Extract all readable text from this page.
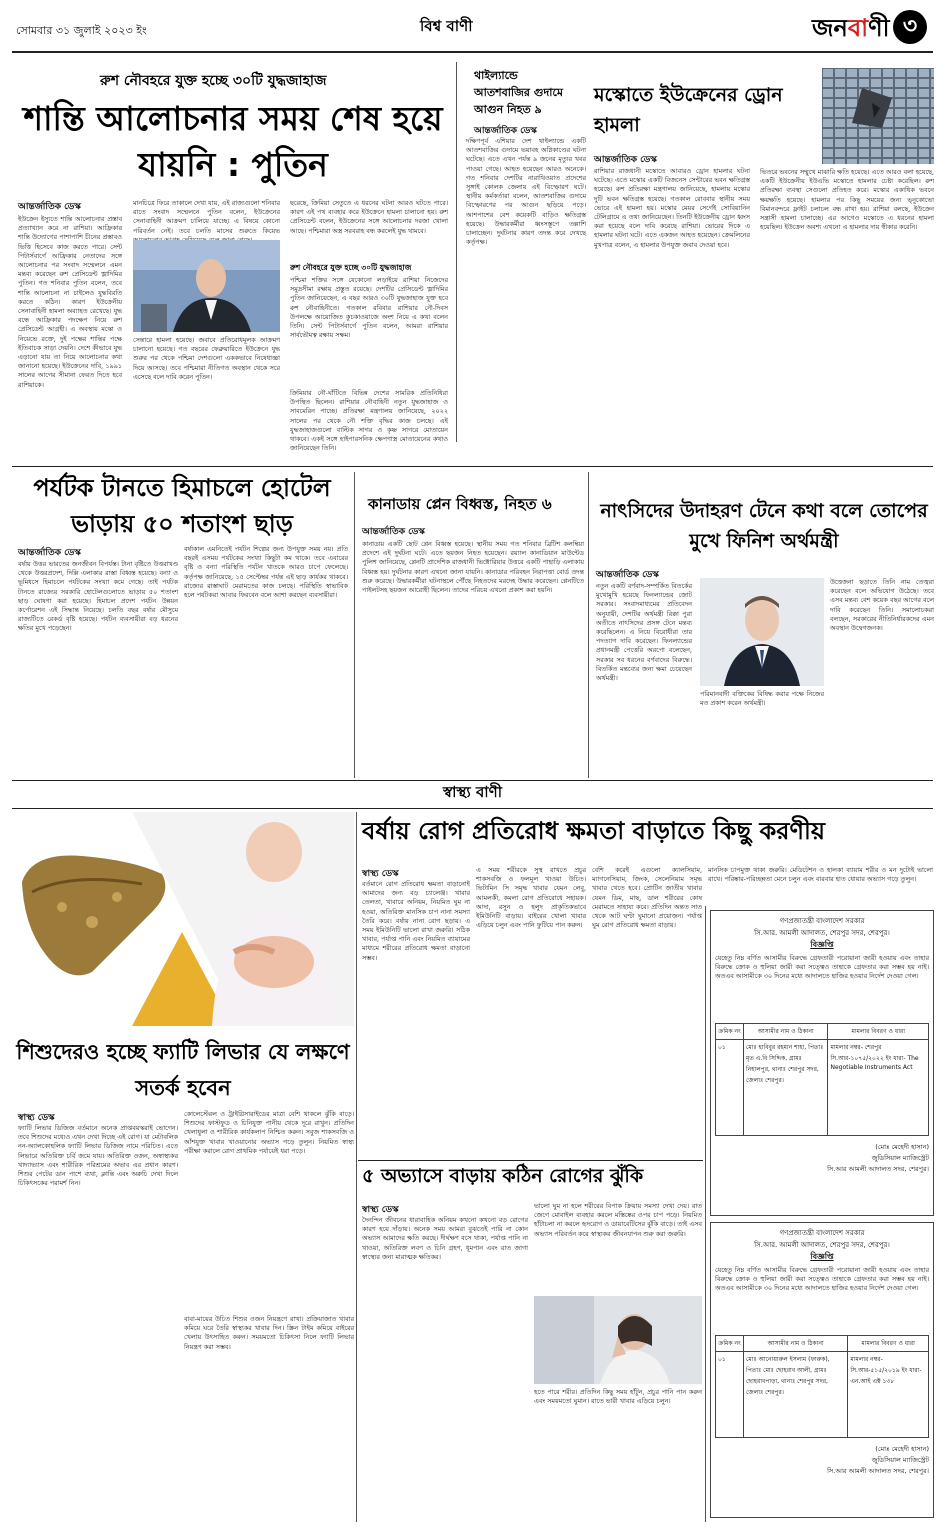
সোমবার ৩১ জুলাই ২০২৩ ইং	বিশ্ব বাণী	জনবাণী ৩
রুশ নৌবহরে যুক্ত হচ্ছে ৩০টি যুদ্ধজাহাজ
শান্তি আলোচনার সময় শেষ হয়ে যায়নি : পুতিন
আন্তর্জাতিক ডেস্ক
ইউক্রেন ইস্যুতে শান্তি আলোচনার প্রস্তাব প্রত্যাখ্যান করে না রাশিয়া। আফ্রিকার শান্তি উদ্যোগের পাশাপাশি চীনের প্রস্তাবও ভিত্তি হিসেবে কাজ করতে পারে। সেন্ট পিটার্সবার্গে আফ্রিকার নেতাদের সঙ্গে আলোচনার পর সংবাদ সম্মেলনে এমন মন্তব্য করেছেন রুশ প্রেসিডেন্ট ভ্লাদিমির পুতিন। গত শনিবার পুতিন বলেন, তবে শান্তি আলোচনা না চাইলেও যুদ্ধবিরতি করতে কঠিন। কারণ ইউক্রেনীয় সেনাবাহিনী হামলা অব্যাহত রেখেছে। যুদ্ধ বন্ধে আফ্রিকার পদক্ষেপ নিয়ে রুশ প্রেসিডেন্ট আগ্রহী। এ অবস্থায় মস্কো ও নিয়েভে রক্তে, দুই পক্ষের শান্তির পক্ষে ইতিবাচক সাড়া দেয়নি। দেশে কীভাবে যুদ্ধ এড়ানো যায় তা নিয়ে আলোচনার কথা জানানো হয়েছে। ইউক্রেনের দাবি, ১৯৯১ সালের আগের সীমানা ফেরত দিতে হবে রাশিয়াকে।
মানচিত্রে ফিরে তাকালে দেখা যায়, এই রাজ্যগুলো শনিবার রাতে সংবাদ সম্মেলনে পুতিন বলেন, ইউক্রেনের সেনাবাহিনী আক্রমণ চালিয়ে যাচ্ছে। এ বিষয়ে কোনো পরিবর্তন নেই। তবে চলতি মাসের শুরুতে কিয়েভ
সেন্তারে হামলা হয়েছে। জবাবে প্রতিরোধমূলক আক্রমণ চালানো হয়েছে। গত বছরের ফেব্রুয়ারিতে ইউক্রেনে যুদ্ধ শুরুর পর থেকে পশ্চিমা দেশগুলো এককভাবে নিষেধাজ্ঞা দিয়ে আসছে। তবে পশ্চিমারা নীতিগত অবস্থান থেকে সরে এসেছে বলে দাবি করেন পুতিন।
ছরেছে, ক্রিমিয়া সেতুতে এ ধরনের ঘটনা আরও ঘটতে পারে। কারণ এই পথ ব্যবহার করে ইউক্রেনে হামলা চালানো হয়। রুশ প্রেসিডেন্ট বলেন, ইউক্রেনের সঙ্গে আলোচনার দরজা খোলা আছে। পশ্চিমারা অস্ত্র সরবরাহ বন্ধ করলেই যুদ্ধ থামবে।
রুশ নৌবহরে যুক্ত হচ্ছে ৩০টি যুদ্ধজাহাজ
পশ্চিমা শক্তির সঙ্গে যেকোনো লড়াইয়ে রাশিয়া নিজেদের সমুদ্রসীমা রক্ষায় প্রস্তুত রয়েছে। দেশটির প্রেসিডেন্ট ভ্লাদিমির পুতিন জানিয়েছেন, এ বছর আরও ৩০টি যুদ্ধজাহাজ যুক্ত হবে রুশ নৌবাহিনীতে। গতকাল রবিবার রাশিয়ার নৌ-দিবস উপলক্ষে আয়োজিত কুচকাওয়াজে অংশ নিয়ে এ কথা বলেন তিনি। সেন্ট পিটার্সবার্গে পুতিন বলেন, আমরা রাশিয়ার সার্বভৌমত্ব রক্ষায় সক্ষম।
ক্রিমিয়ার নৌ-ঘাঁটিতে বিভিন্ন দেশের সামরিক প্রতিনিধিরা উপস্থিত ছিলেন। রাশিয়ার নৌবাহিনী নতুন যুদ্ধজাহাজ ও সাবমেরিন পাচ্ছে। প্রতিরক্ষা মন্ত্রণালয় জানিয়েছে, ২০২২ সালের পর থেকে নৌ শক্তি বৃদ্ধির কাজ চলছে। এই যুদ্ধজাহাজগুলো বাল্টিক সাগর ও কৃষ্ণ সাগরে মোতায়েন থাকবে। একই সঙ্গে হাইপারসনিক ক্ষেপণাস্ত্র মোতায়েনের কথাও জানিয়েছেন তিনি।
থাইল্যান্ডে আতশবাজির গুদামে আগুন নিহত ৯
আন্তর্জাতিক ডেস্ক
দক্ষিণপূর্ব এশিয়ার দেশ থাইল্যান্ডে একটি আতশবাজির গুদামে ভয়াবহ অগ্নিকাণ্ডের ঘটনা ঘটেছে। এতে এখন পর্যন্ত ৯ জনের মৃত্যুর খবর পাওয়া গেছে। আহত হয়েছেন আরও অনেকে। গত শনিবার দেশটির নারাথিওয়াত প্রদেশের সুঙ্গাই কোলক জেলায় এই বিস্ফোরণ ঘটে। স্থানীয় কর্মকর্তারা বলেন, আতশবাজির গুদামে বিস্ফোরণের পর আগুন ছড়িয়ে পড়ে। আশপাশের বেশ কয়েকটি বাড়িও ক্ষতিগ্রস্ত হয়েছে। উদ্ধারকর্মীরা ধ্বংসস্তূপে তল্লাশি চালাচ্ছেন। দুর্ঘটনার কারণ তদন্ত করে দেখছে কর্তৃপক্ষ।
মস্কোতে ইউক্রেনের ড্রোন হামলা
আন্তর্জাতিক ডেস্ক
রাশিয়ার রাজধানী মস্কোতে আবারও ড্রোন হামলার ঘটনা ঘটেছে। এতে মস্কোর একটি বিজনেস সেন্টারের ভবন ক্ষতিগ্রস্ত হয়েছে। রুশ প্রতিরক্ষা মন্ত্রণালয় জানিয়েছে, হামলায় মস্কোর দুটি ভবন ক্ষতিগ্রস্ত হয়েছে। গতকাল রোববার স্থানীয় সময় ভোরে এই হামলা হয়। মস্কোর মেয়র সের্গেই সোবিয়ানিন টেলিগ্রামে এ তথ্য জানিয়েছেন। তিনটি ইউক্রেনীয় ড্রোন ধ্বংস করা হয়েছে বলে দাবি করেছে রাশিয়া। ভোরের দিকে এ হামলার ঘটনা ঘটে। এতে একজন আহত হয়েছেন। ক্রেমলিনের মুখপাত্র বলেন, এ হামলার উপযুক্ত জবাব দেওয়া হবে।
ভিতরে ভবনের সম্মুখে মাঝারি ক্ষতি হয়েছে। এতে আরও বলা হয়েছে, একটি ইউক্রেনীয় ইউএভি মস্কোতে হামলার চেষ্টা করেছিল। রুশ প্রতিরক্ষা ব্যবস্থা সেগুলো প্রতিহত করে। মস্কোর একাধিক ভবনে ক্ষয়ক্ষতি হয়েছে। হামলার পর কিছু সময়ের জন্য ভ্নুকোভো বিমানবন্দরে ফ্লাইট চলাচল বন্ধ রাখা হয়। রাশিয়া বলছে, ইউক্রেন সন্ত্রাসী হামলা চালাচ্ছে। এর আগেও মস্কোতে এ ধরনের হামলা হয়েছিল। ইউক্রেন অবশ্য এখনো এ হামলার দায় স্বীকার করেনি।
পর্যটক টানতে হিমাচলে হোটেল ভাড়ায় ৫০ শতাংশ ছাড়
আন্তর্জাতিক ডেস্ক
বর্ষায় উত্তর ভারতের জনজীবন বিপর্যস্ত। টানা বৃষ্টিতে উত্তরাখণ্ড থেকে উত্তরপ্রদেশ, দিল্লি এলাকার রাস্তা বিধ্বস্ত হয়েছে। বন্যা ও ভূমিধসে হিমাচলে পর্যটকের সংখ্যা কমে গেছে। তাই পর্যটক টানতে রাজ্যের সরকারি হোটেলগুলোতে ভাড়ায় ৫০ শতাংশ ছাড় ঘোষণা করা হয়েছে। হিমাচল প্রদেশ পর্যটন উন্নয়ন কর্পোরেশন এই সিদ্ধান্ত নিয়েছে। চলতি বছর বর্ষার মৌসুমে রাজ্যটিতে রেকর্ড বৃষ্টি হয়েছে। পর্যটন ব্যবসায়ীরা বড় ধরনের ক্ষতির মুখে পড়েছেন।
বর্ষাকাল এমনিতেই পর্যটন শিল্পের জন্য উপযুক্ত সময় নয়। প্রতি বছরই এসময় পর্যটকের সংখ্যা কিছুটা কম থাকে। তবে এবারের বৃষ্টি ও বন্যা পরিস্থিতি পর্যটন খাতকে আরও চাপে ফেলেছে। কর্তৃপক্ষ জানিয়েছে, ১৫ সেপ্টেম্বর পর্যন্ত এই ছাড় কার্যকর থাকবে। রাজ্যের রাস্তাঘাট মেরামতের কাজ চলছে। পরিস্থিতি স্বাভাবিক হলে পর্যটকরা আবার ফিরবেন বলে আশা করছেন ব্যবসায়ীরা।
কানাডায় প্লেন বিধ্বস্ত, নিহত ৬
আন্তর্জাতিক ডেস্ক
কানাডায় একটি ছোট প্লেন বিধ্বস্ত হয়েছে। স্থানীয় সময় গত শনিবার ব্রিটিশ কলম্বিয়া প্রদেশে এই দুর্ঘটনা ঘটে। এতে ছয়জন নিহত হয়েছেন। রয়্যাল কানাডিয়ান মাউন্টেড পুলিশ জানিয়েছে, প্লেনটি প্রাদেশিক রাজধানী ভিক্টোরিয়ার উত্তরে একটি পাহাড়ি এলাকায় বিধ্বস্ত হয়। দুর্ঘটনার কারণ এখনো জানা যায়নি। কানাডার পরিবহন নিরাপত্তা বোর্ড তদন্ত শুরু করেছে। উদ্ধারকর্মীরা ঘটনাস্থলে পৌঁছে নিহতদের মরদেহ উদ্ধার করেছেন। প্লেনটিতে পাইলটসহ ছয়জন আরোহী ছিলেন। তাদের পরিচয় এখনো প্রকাশ করা হয়নি।
নাৎসিদের উদাহরণ টেনে কথা বলে তোপের মুখে ফিনিশ অর্থমন্ত্রী
আন্তর্জাতিক ডেস্ক
নতুন একটি বর্ণবাদ-সম্পর্কিত বিতর্কের মুখোমুখি হয়েছে ফিনল্যান্ডের জোট সরকার। সংবাদমাধ্যমের প্রতিবেদন অনুযায়ী, দেশটির অর্থমন্ত্রী রিক্কা পুরা অতীতে নাৎসিদের প্রসঙ্গ টেনে মন্তব্য করেছিলেন। এ নিয়ে বিরোধীরা তার পদত্যাগ দাবি করেছেন। ফিনল্যান্ডের প্রধানমন্ত্রী পেত্তেরি অরপো বলেছেন, সরকার সব ধরনের বর্ণবাদের বিরুদ্ধে। বিতর্কিত মন্তব্যের জন্য ক্ষমা চেয়েছেন অর্থমন্ত্রী।
পরিমানবাদী বক্তিকের বিষিদ্ধ করার পক্ষে নিজের মত প্রকাশ করেন অর্থমন্ত্রী।
উত্তেজনা ছড়াতে তিনি নাম তেজ্বরা করেছেন বলে অভিযোগ উঠেছে। তবে এসব মন্তব্য বেশ কয়েক বছর আগের বলে দাবি করেছেন তিনি। সমালোচকরা বলছেন, সরকারের নীতিনির্ধারকদের এমন অবস্থান উদ্বেগজনক।
স্বাস্থ্য বাণী
বর্ষায় রোগ প্রতিরোধ ক্ষমতা বাড়াতে কিছু করণীয়
স্বাস্থ্য ডেস্ক
বর্তমানে রোগ প্রতিরোধ ক্ষমতা বাড়ানোই আমাদের জন্য বড় চ্যালেঞ্জ। খাবার তেলতা, খাবারে অনিয়ম, নিয়মিত ঘুম না হওয়া, অতিরিক্ত মানসিক চাপ নানা সমস্যা তৈরি করে। বর্ষায় নানা রোগ ছড়ায়। এ সময় ইমিউনিটি ভালো রাখা জরুরি। সঠিক খাবার, পর্যাপ্ত পানি এবং নিয়মিত ব্যায়ামের মাধ্যমে শরীরের প্রতিরোধ ক্ষমতা বাড়ানো সম্ভব।
এ সময় শরীরকে সুস্থ রাখতে প্রচুর শাকসবজি ও ফলমূল খাওয়া উচিত। ভিটামিন সি সমৃদ্ধ খাবার যেমন লেবু, আমলকী, কমলা রোগ প্রতিরোধে সহায়ক। আদা, রসুন ও হলুদ প্রাকৃতিকভাবে ইমিউনিটি বাড়ায়। বাইরের খোলা খাবার এড়িয়ে চলুন এবং পানি ফুটিয়ে পান করুন।
বেশি করেই এগুলো ক্যালসিয়াম, ম্যাগনেসিয়াম, জিংক, সেলেনিয়াম সমৃদ্ধ খাবার খেতে হবে। প্রোটিন জাতীয় খাবার যেমন ডিম, মাছ, ডাল শরীরের কোষ মেরামতে সাহায্য করে। প্রতিদিন অন্তত সাত থেকে আট ঘণ্টা ঘুমানো প্রয়োজন। পর্যাপ্ত ঘুম রোগ প্রতিরোধ ক্ষমতা বাড়ায়।
মানসিক চাপমুক্ত থাকা জরুরি। মেডিটেশন ও হালকা ব্যায়াম শরীর ও মন দুটোই ভালো রাখে। পরিষ্কার-পরিচ্ছন্নতা মেনে চলুন এবং বারবার হাত ধোয়ার অভ্যাস গড়ে তুলুন।
শিশুদেরও হচ্ছে ফ্যাটি লিভার যে লক্ষণে সতর্ক হবেন
স্বাস্থ্য ডেস্ক
ফ্যাটি লিভার ডিজিজ বর্তমানে অনেক প্রাপ্তবয়স্করাই ভোগেন। তবে শিশুদের মধ্যেও এখন দেখা দিচ্ছে এই রোগ। যা মেটাবলিক নন-অ্যালকোহলিক ফ্যাটি লিভার ডিজিজ নামে পরিচিত। এতে লিভারে অতিরিক্ত চর্বি জমে যায়। অতিরিক্ত ওজন, অস্বাস্থ্যকর খাদ্যাভ্যাস এবং শারীরিক পরিশ্রমের অভাব এর প্রধান কারণ। শিশুর পেটের ডান পাশে ব্যথা, ক্লান্তি এবং অরুচি দেখা দিলে চিকিৎসকের পরামর্শ নিন।
কোলেস্টেরল ও ট্রাইগ্লিসারাইডের মাত্রা বেশি থাকলে ঝুঁকি বাড়ে। শিশুদের ফাস্টফুড ও চিনিযুক্ত পানীয় থেকে দূরে রাখুন। প্রতিদিন খেলাধুলা ও শারীরিক কার্যকলাপ নিশ্চিত করুন। সবুজ শাকসবজি ও আঁশযুক্ত খাবার খাওয়ানোর অভ্যাস গড়ে তুলুন। নিয়মিত স্বাস্থ্য পরীক্ষা করালে রোগ প্রাথমিক পর্যায়েই ধরা পড়ে।
বাবা-মায়ের উচিত শিশুর ওজন নিয়ন্ত্রণে রাখা। প্রক্রিয়াজাত খাবার কমিয়ে ঘরে তৈরি স্বাস্থ্যকর খাবার দিন। স্ক্রিন টাইম কমিয়ে বাইরের খেলায় উৎসাহিত করুন। সময়মতো চিকিৎসা নিলে ফ্যাটি লিভার নিয়ন্ত্রণ করা সম্ভব।
৫ অভ্যাসে বাড়ায় কঠিন রোগের ঝুঁকি
স্বাস্থ্য ডেস্ক
দৈনন্দিন জীবনের ধারাবাহিক অনিয়ম কখনো কখনো বড় রোগের কারণ হয়ে দাঁড়ায়। অনেক সময় আমরা বুঝতেই পারি না কোন অভ্যাস আমাদের ক্ষতি করছে। দীর্ঘক্ষণ বসে থাকা, পর্যাপ্ত পানি না খাওয়া, অতিরিক্ত লবণ ও চিনি গ্রহণ, ধূমপান এবং রাত জাগা স্বাস্থ্যের জন্য মারাত্মক ক্ষতিকর।
ভালো ঘুম না হলে শরীরের বিপাক ক্রিয়ায় সমস্যা দেখা দেয়। রাত জেগে মোবাইল ব্যবহার করলে মস্তিষ্কের ওপর চাপ পড়ে। নিয়মিত হাঁটাচলা না করলে হৃদরোগ ও ডায়াবেটিসের ঝুঁকি বাড়ে। তাই এসব অভ্যাস পরিবর্তন করে স্বাস্থ্যকর জীবনযাপন শুরু করা জরুরি।
হতে পারে শরীর। প্রতিদিন কিছু সময় হাঁটুন, প্রচুর পানি পান করুন এবং সময়মতো ঘুমান। রাতে ভারী খাবার এড়িয়ে চলুন।
গণপ্রজাতন্ত্রী বাংলাদেশ সরকার
সি.আর. আমলী আদালত, শেরপুর সদর, শেরপুর।
বিজ্ঞপ্তি
যেহেতু নিম্ন বর্ণিত আসামীর বিরুদ্ধে গ্রেফতারী পরোয়ানা জারী হওয়ায় এবং তাহার বিরুদ্ধে ক্রোক ও হুলিয়া জারী করা সত্ত্বেও তাহাকে গ্রেফতার করা সম্ভব হয় নাই। অতএব আসামীকে ৩০ দিনের মধ্যে আদালতে হাজির হওয়ার নির্দেশ দেওয়া গেল।
ক্রমিক নং	আসামীর নাম ও ঠিকানা	মামলার বিবরণ ও ধারা
০১	মোঃ হাবিবুর রহমান শাহা, পিতাঃ মৃত এ.বি সিদ্দিক, গ্রামঃ নিহালপুর, থানাঃ শেরপুর সদর, জেলাঃ শেরপুর।	মামলার নম্বর- শেরপুর সি.আর-১০৭৫/২০২২ ইং ধারা- The Negotiable Instruments Act
(মোঃ মেহেদী হাসান)
জুডিসিয়াল ম্যাজিস্ট্রেট
সি.আর আমলী আদালত সদর, শেরপুর।
গণপ্রজাতন্ত্রী বাংলাদেশ সরকার
সি.আর. আমলী আদালত, শেরপুর সদর, শেরপুর।
বিজ্ঞপ্তি
যেহেতু নিম্ন বর্ণিত আসামীর বিরুদ্ধে গ্রেফতারী পরোয়ানা জারী হওয়ায় এবং তাহার বিরুদ্ধে ক্রোক ও হুলিয়া জারী করা সত্ত্বেও তাহাকে গ্রেফতার করা সম্ভব হয় নাই। অতএব আসামীকে ৩০ দিনের মধ্যে আদালতে হাজির হওয়ার নির্দেশ দেওয়া গেল।
ক্রমিক নং	আসামীর নাম ও ঠিকানা	মামলার বিবরণ ও ধারা
০১	মোঃ আনোয়ারুল ইসলাম (ফারুক), পিতাঃ মোঃ ছোহরাব আলী, গ্রামঃ ছোহরাবপাড়া, থানাঃ শেরপুর সদর, জেলাঃ শেরপুর।	মামলার নম্বর- সি.আর-৫১৫/২০১৯ ইং ধারা- এন.আই এক্ট ১৩৮
(মোঃ মেহেদী হাসান)
জুডিসিয়াল ম্যাজিস্ট্রেট
সি.আর আমলী আদালত সদর, শেরপুর।
